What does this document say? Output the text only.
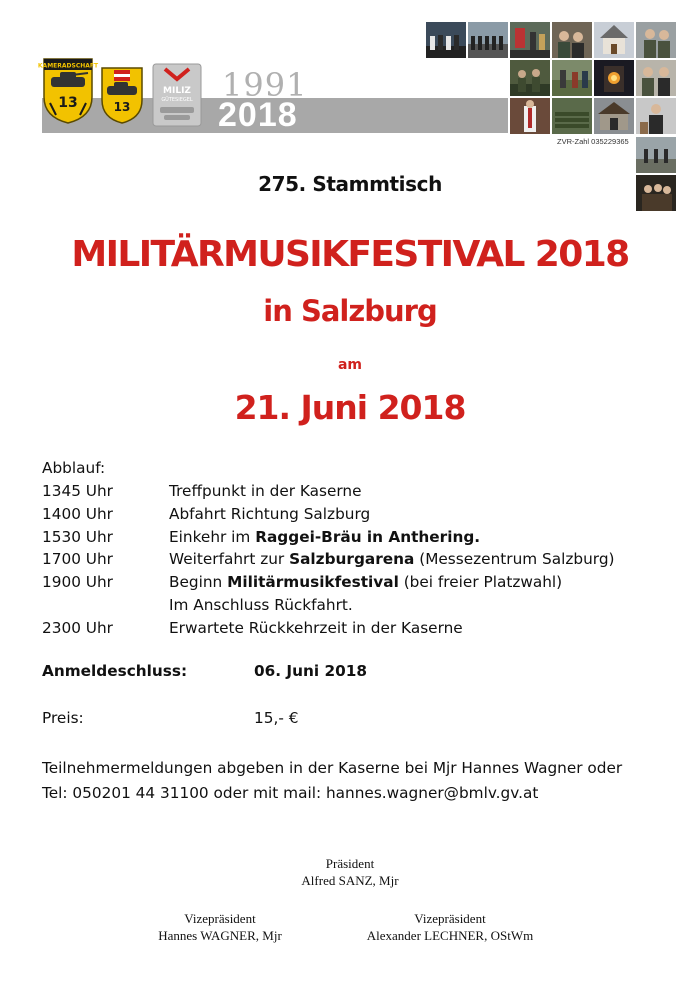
KAMERADSCHAFT
13	13
MILIZ
GÜTESIEGEL 1991
2018
ZVR-Zahl 035229365
275. Stammtisch
MILITÄRMUSIKFESTIVAL 2018
in Salzburg
am
21. Juni 2018
Abblauf:
1345 Uhr	Treffpunkt in der Kaserne
1400 Uhr	Abfahrt Richtung Salzburg
1530 Uhr	Einkehr im Raggei-Bräu in Anthering.
1700 Uhr	Weiterfahrt zur Salzburgarena (Messezentrum Salzburg)
1900 Uhr	Beginn Militärmusikfestival (bei freier Platzwahl)
Im Anschluss Rückfahrt.
2300 Uhr	Erwartete Rückkehrzeit in der Kaserne
Anmeldeschluss:	06. Juni 2018
Preis:	15,- €
Teilnehmermeldungen abgeben in der Kaserne bei Mjr Hannes Wagner oder
Tel: 050201 44 31100 oder mit mail: hannes.wagner@bmlv.gv.at
Präsident
Alfred SANZ, Mjr
Vizepräsident
Hannes WAGNER, Mjr
Vizepräsident
Alexander LECHNER, OStWm
